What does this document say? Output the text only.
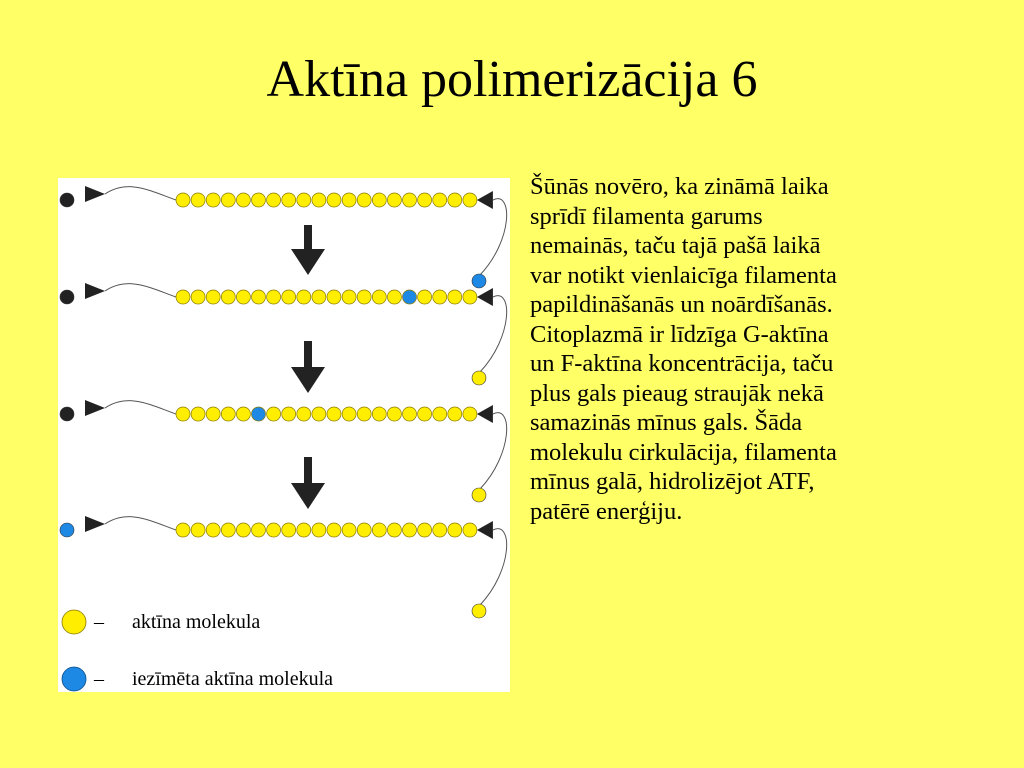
Aktīna polimerizācija 6
– aktīna molekula
– iezīmēta aktīna molekula
Šūnās novēro, ka zināmā laika
sprīdī filamenta garums
nemainās, taču tajā pašā laikā
var notikt vienlaicīga filamenta
papildināšanās un noārdīšanās.
Citoplazmā ir līdzīga G-aktīna
un F-aktīna koncentrācija, taču
plus gals pieaug straujāk nekā
samazinās mīnus gals. Šāda
molekulu cirkulācija, filamenta
mīnus galā, hidrolizējot ATF,
patērē enerģiju.
